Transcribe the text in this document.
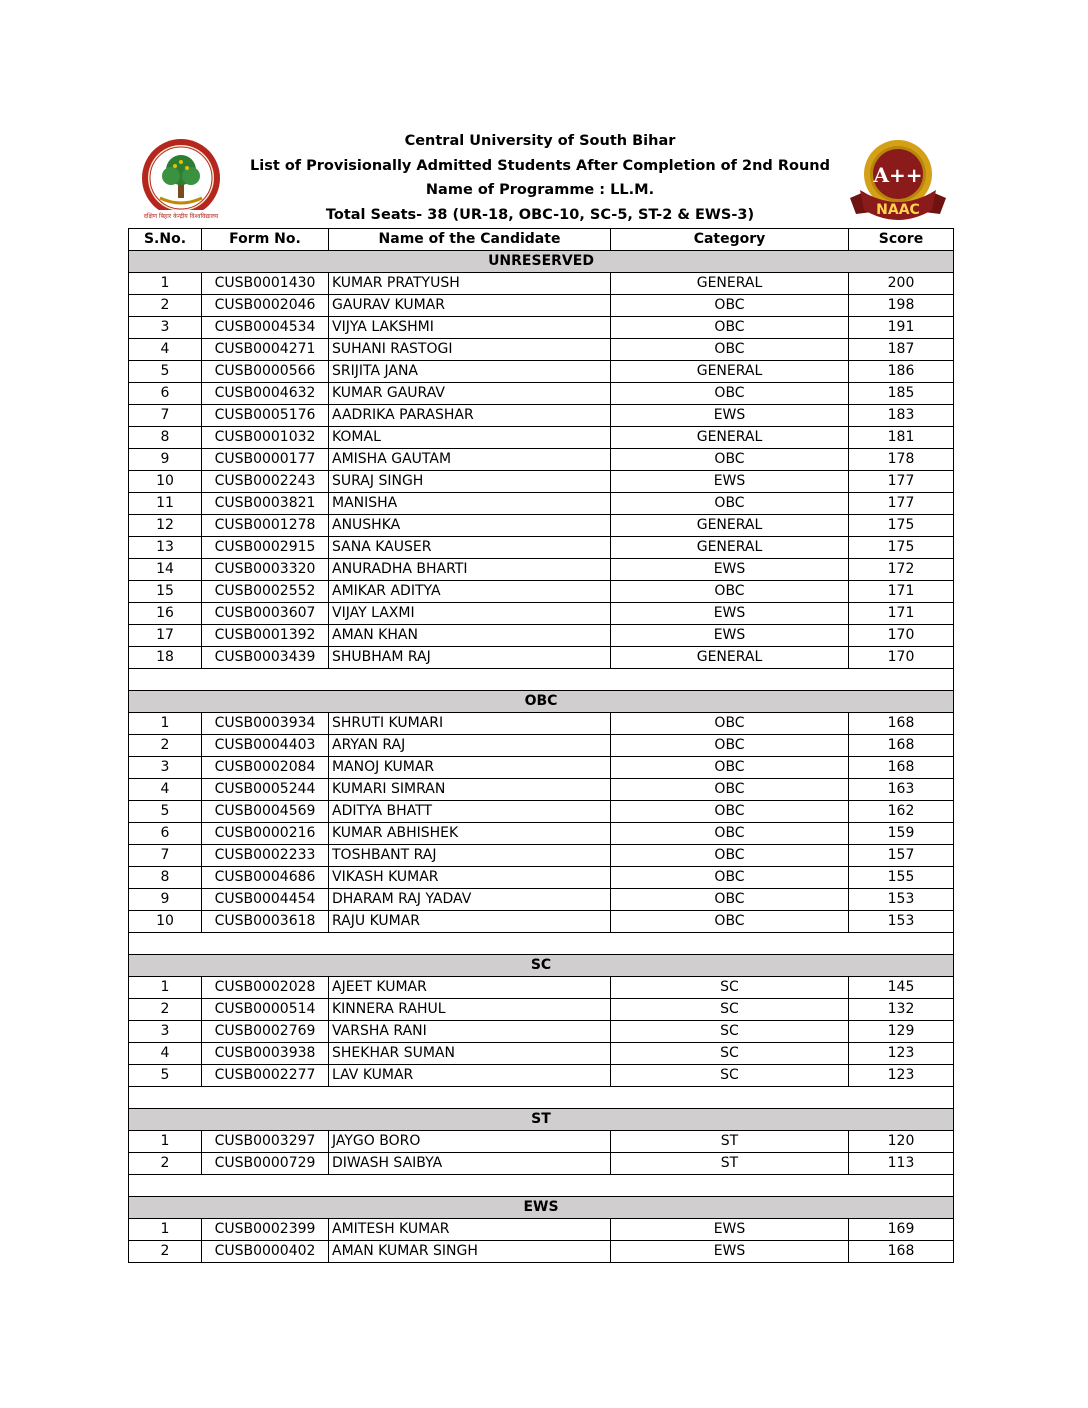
दक्षिण बिहार केन्द्रीय विश्वविद्यालय
A++
NAAC
Central University of South Bihar
List of Provisionally Admitted Students After Completion of 2nd Round
Name of Programme : LL.M.
Total Seats- 38 (UR-18, OBC-10, SC-5, ST-2 & EWS-3)
S.No.	Form No.	Name of the Candidate	Category	Score
UNRESERVED				
1	CUSB0001430	KUMAR PRATYUSH	GENERAL	200
2	CUSB0002046	GAURAV KUMAR	OBC	198
3	CUSB0004534	VIJYA LAKSHMI	OBC	191
4	CUSB0004271	SUHANI RASTOGI	OBC	187
5	CUSB0000566	SRIJITA JANA	GENERAL	186
6	CUSB0004632	KUMAR GAURAV	OBC	185
7	CUSB0005176	AADRIKA PARASHAR	EWS	183
8	CUSB0001032	KOMAL	GENERAL	181
9	CUSB0000177	AMISHA GAUTAM	OBC	178
10	CUSB0002243	SURAJ SINGH	EWS	177
11	CUSB0003821	MANISHA	OBC	177
12	CUSB0001278	ANUSHKA	GENERAL	175
13	CUSB0002915	SANA KAUSER	GENERAL	175
14	CUSB0003320	ANURADHA BHARTI	EWS	172
15	CUSB0002552	AMIKAR ADITYA	OBC	171
16	CUSB0003607	VIJAY LAXMI	EWS	171
17	CUSB0001392	AMAN KHAN	EWS	170
18	CUSB0003439	SHUBHAM RAJ	GENERAL	170

OBC				
1	CUSB0003934	SHRUTI KUMARI	OBC	168
2	CUSB0004403	ARYAN RAJ	OBC	168
3	CUSB0002084	MANOJ KUMAR	OBC	168
4	CUSB0005244	KUMARI SIMRAN	OBC	163
5	CUSB0004569	ADITYA BHATT	OBC	162
6	CUSB0000216	KUMAR ABHISHEK	OBC	159
7	CUSB0002233	TOSHBANT RAJ	OBC	157
8	CUSB0004686	VIKASH KUMAR	OBC	155
9	CUSB0004454	DHARAM RAJ YADAV	OBC	153
10	CUSB0003618	RAJU KUMAR	OBC	153

SC				
1	CUSB0002028	AJEET KUMAR	SC	145
2	CUSB0000514	KINNERA RAHUL	SC	132
3	CUSB0002769	VARSHA RANI	SC	129
4	CUSB0003938	SHEKHAR SUMAN	SC	123
5	CUSB0002277	LAV KUMAR	SC	123

ST				
1	CUSB0003297	JAYGO BORO	ST	120
2	CUSB0000729	DIWASH SAIBYA	ST	113

EWS				
1	CUSB0002399	AMITESH KUMAR	EWS	169
2	CUSB0000402	AMAN KUMAR SINGH	EWS	168
